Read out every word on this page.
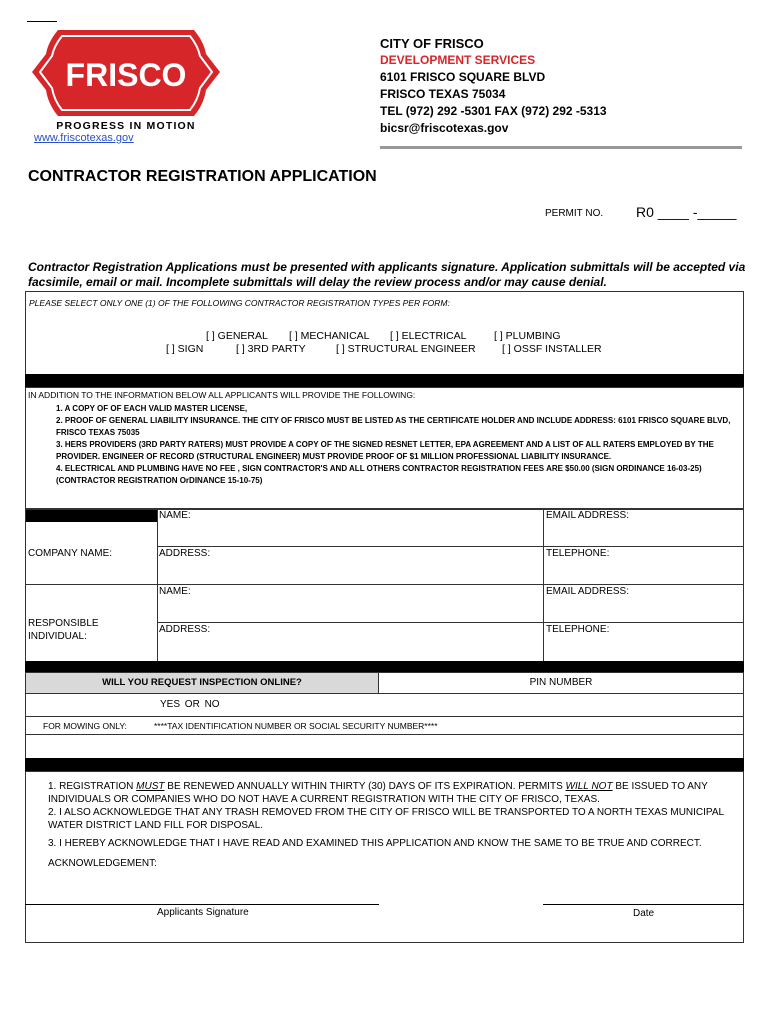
FRISCO
PROGRESS IN MOTION
www.friscotexas.gov
CITY OF FRISCO
DEVELOPMENT SERVICES
6101 FRISCO SQUARE BLVD
FRISCO TEXAS 75034
TEL (972) 292 -5301 FAX (972) 292 -5313
bicsr@friscotexas.gov
CONTRACTOR REGISTRATION APPLICATION
PERMIT NO. R0 ____ -_____
Contractor Registration Applications must be presented with applicants signature. Application submittals will be accepted via facsimile, email or mail. Incomplete submittals will delay the review process and/or may cause denial.
PLEASE SELECT ONLY ONE (1) OF THE FOLLOWING CONTRACTOR REGISTRATION TYPES PER FORM:
[ ] GENERAL [ ] MECHANICAL [ ] ELECTRICAL	[ ] PLUMBING
[ ] SIGN	[ ] 3RD PARTY	[ ] STRUCTURAL ENGINEER	[ ] OSSF INSTALLER
IN ADDITION TO THE INFORMATION BELOW ALL APPLICANTS WILL PROVIDE THE FOLLOWING:
1. A COPY OF OF EACH VALID MASTER LICENSE,
2. PROOF OF GENERAL LIABILITY INSURANCE. THE CITY OF FRISCO MUST BE LISTED AS THE CERTIFICATE HOLDER AND INCLUDE ADDRESS: 6101 FRISCO SQUARE BLVD, FRISCO TEXAS 75035
3. HERS PROVIDERS (3RD PARTY RATERS) MUST PROVIDE A COPY OF THE SIGNED RESNET LETTER, EPA AGREEMENT AND A LIST OF ALL RATERS EMPLOYED BY THE PROVIDER. ENGINEER OF RECORD (STRUCTURAL ENGINEER) MUST PROVIDE PROOF OF $1 MILLION PROFESSIONAL LIABILITY INSURANCE.
4. ELECTRICAL AND PLUMBING HAVE NO FEE , SIGN CONTRACTOR'S AND ALL OTHERS CONTRACTOR REGISTRATION FEES ARE $50.00 (SIGN ORDINANCE 16-03-25)(CONTRACTOR REGISTRATION OrDINANCE 15-10-75)
NAME:	EMAIL ADDRESS:
ADDRESS:	TELEPHONE:
COMPANY NAME:
NAME:	EMAIL ADDRESS:
ADDRESS:	TELEPHONE:
RESPONSIBLE INDIVIDUAL:
WILL YOU REQUEST INSPECTION ONLINE?	PIN NUMBER
YES OR NO
FOR MOWING ONLY:	****TAX IDENTIFICATION NUMBER OR SOCIAL SECURITY NUMBER****
1. REGISTRATION MUST BE RENEWED ANNUALLY WITHIN THIRTY (30) DAYS OF ITS EXPIRATION. PERMITS WILL NOT BE ISSUED TO ANY INDIVIDUALS OR COMPANIES WHO DO NOT HAVE A CURRENT REGISTRATION WITH THE CITY OF FRISCO, TEXAS.
2. I ALSO ACKNOWLEDGE THAT ANY TRASH REMOVED FROM THE CITY OF FRISCO WILL BE TRANSPORTED TO A NORTH TEXAS MUNICIPAL WATER DISTRICT LAND FILL FOR DISPOSAL.
3. I HEREBY ACKNOWLEDGE THAT I HAVE READ AND EXAMINED THIS APPLICATION AND KNOW THE SAME TO BE TRUE AND CORRECT.
ACKNOWLEDGEMENT:
Applicants Signature	Date
